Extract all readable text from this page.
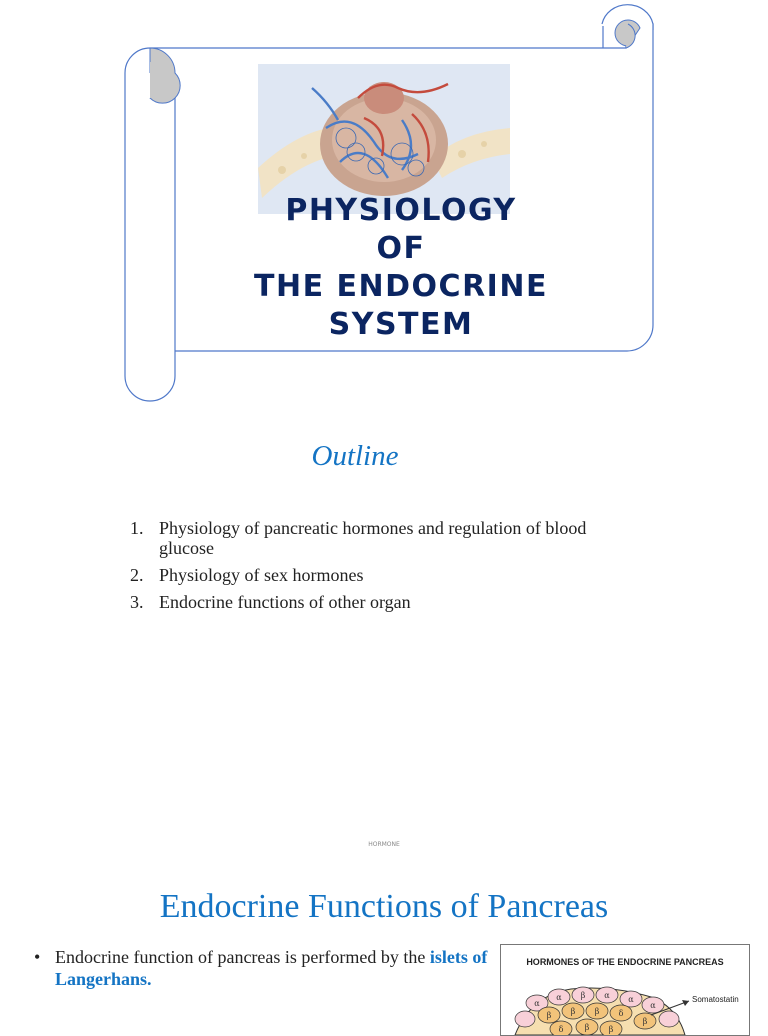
PHYSIOLOGY
OF
THE ENDOCRINE
SYSTEM
Outline
1. Physiology of pancreatic hormones and regulation of blood glucose
2. Physiology of sex hormones
3. Endocrine functions of other organ
HORMONE
Endocrine Functions of Pancreas
• Endocrine function of pancreas is performed by the islets of Langerhans.
HORMONES OF THE ENDOCRINE PANCREAS
α
α β α α
α
β β β δ
β
δ	β β
Somatostatin
